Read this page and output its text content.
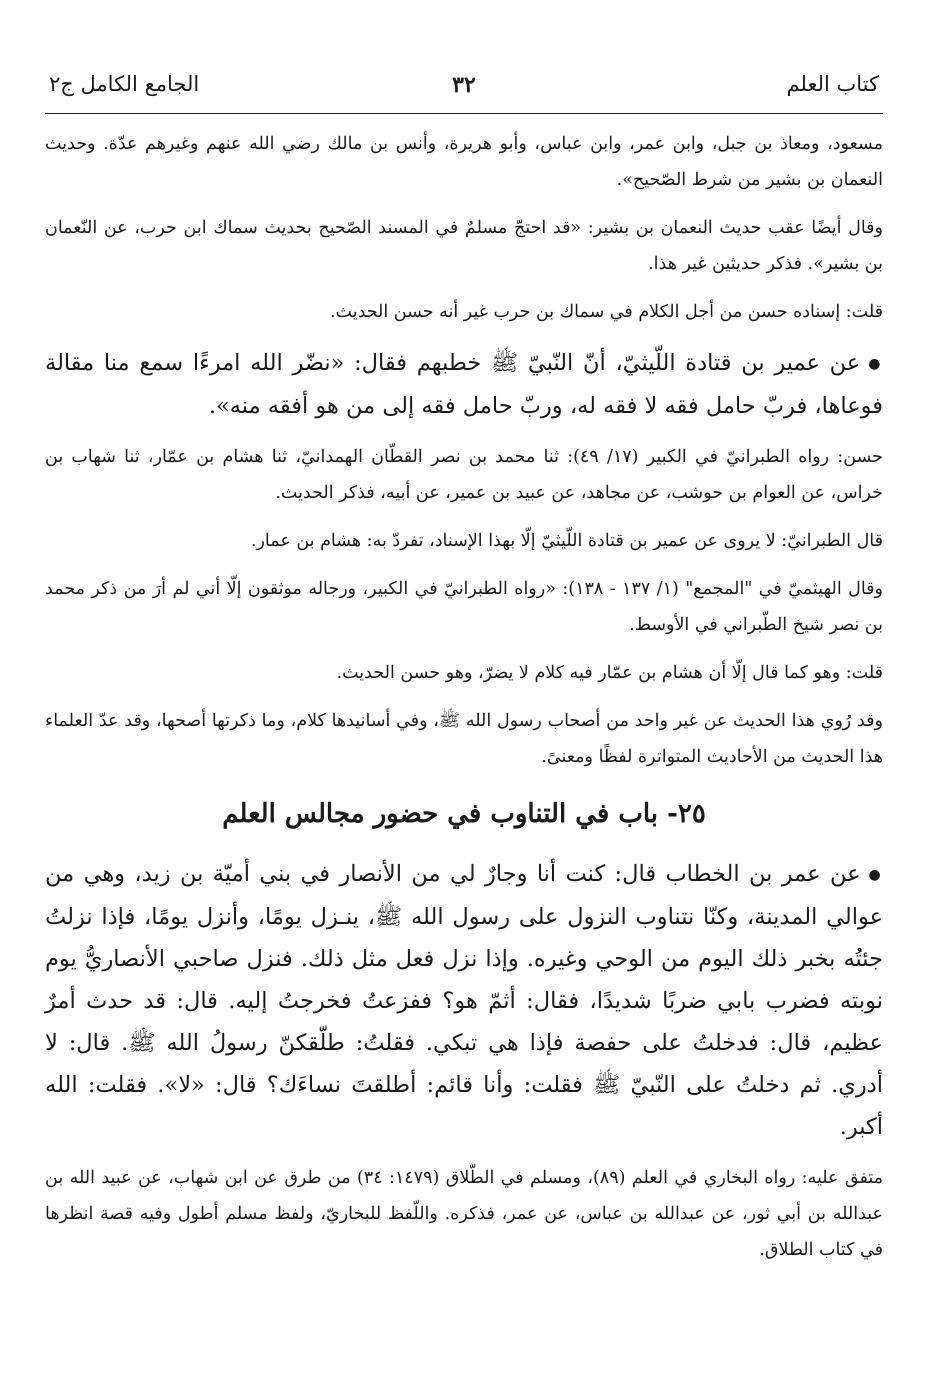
كتاب العلم
٣٢
الجامع الكامل ج٢

مسعود، ومعاذ بن جبل، وابن عمر، وابن عباس، وأبو هريرة، وأنس بن مالك رضي الله عنهم وغيرهم عدّة. وحديث النعمان بن بشير من شرط الصّحيح».

وقال أيضًا عقب حديث النعمان بن بشير: «قد احتجّ مسلمٌ في المسند الصّحيح بحديث سماك ابن حرب، عن النّعمان بن بشير». فذكر حديثين غير هذا.

قلت: إسناده حسن من أجل الكلام في سماك بن حرب غير أنه حسن الحديث.

●عن عمير بن قتادة اللّيثيّ، أنّ النّبيّ ﷺ خطبهم فقال: «نضّر الله امرءًا سمع منا مقالة فوعاها، فربّ حامل فقه لا فقه له، وربّ حامل فقه إلى من هو أفقه منه».

حسن: رواه الطبرانيّ في الكبير (١٧/ ٤٩): ثنا محمد بن نصر القطّان الهمدانيّ، ثنا هشام بن عمّار، ثنا شهاب بن خراس، عن العوام بن حوشب، عن مجاهد، عن عبيد بن عمير، عن أبيه، فذكر الحديث.

قال الطبرانيّ: لا يروى عن عمير بن قتادة اللّيثيّ إلّا بهذا الإسناد، تفردّ به: هشام بن عمار.

وقال الهيثميّ في "المجمع" (١/ ١٣٧ - ١٣٨): «رواه الطبرانيّ في الكبير، ورجاله موثقون إلّا أني لم أرَ من ذكر محمد بن نصر شيخ الطّبراني في الأوسط.

قلت: وهو كما قال إلّا أن هشام بن عمّار فيه كلام لا يضرّ، وهو حسن الحديث.

وقد رُوي هذا الحديث عن غير واحد من أصحاب رسول الله ﷺ، وفي أسانيدها كلام، وما ذكرتها أصحها، وقد عدّ العلماء هذا الحديث من الأحاديث المتواترة لفظًا ومعنىً.

٢٥- باب في التناوب في حضور مجالس العلم

●عن عمر بن الخطاب قال: كنت أنا وجارٌ لي من الأنصار في بني أميّة بن زيد، وهي من عوالي المدينة، وكنّا نتناوب النزول على رسول الله ﷺ، ينـزل يومًا، وأنزل يومًا، فإذا نزلتُ جئتُه بخبر ذلك اليوم من الوحي وغيره. وإذا نزل فعل مثل ذلك. فنزل صاحبي الأنصاريُّ يوم نوبته فضرب بابي ضربًا شديدًا، فقال: أثمّ هو؟ ففزعتُ فخرجتُ إليه. قال: قد حدث أمرٌ عظيم، قال: فدخلتُ على حفصة فإذا هي تبكي. فقلتُ: طلّقكنّ رسولُ الله ﷺ. قال: لا أدري. ثم دخلتُ على النّبيّ ﷺ فقلت: وأنا قائم: أطلقتَ نساءَك؟ قال: «لا». فقلت: الله أكبر.

متفق عليه: رواه البخاري في العلم (٨٩)، ومسلم في الطّلاق (١٤٧٩: ٣٤) من طرق عن ابن شهاب، عن عبيد الله بن عبدالله بن أبي ثور، عن عبدالله بن عباس، عن عمر، فذكره. واللّفظ للبخاريّ، ولفظ مسلم أطول وفيه قصة انظرها في كتاب الطلاق.
